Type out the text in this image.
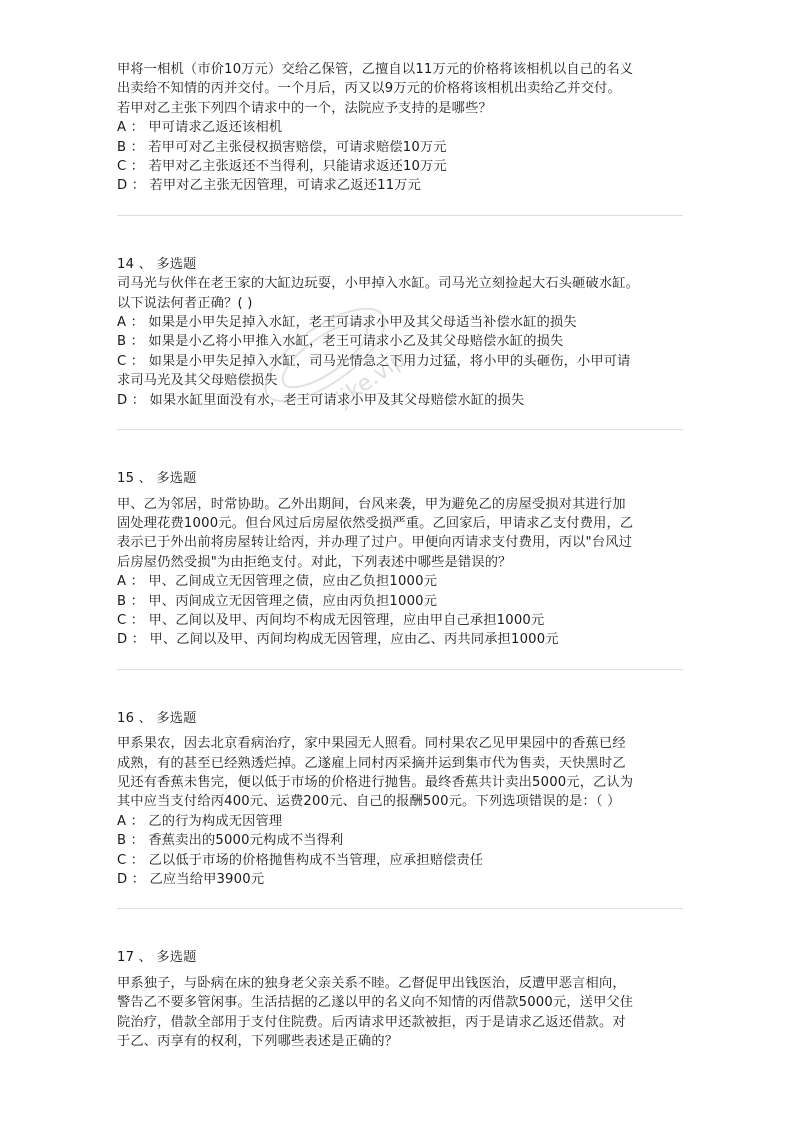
甲将一相机（市价10万元）交给乙保管，乙擅自以11万元的价格将该相机以自己的名义
出卖给不知情的丙并交付。一个月后，丙又以9万元的价格将该相机出卖给乙并交付。
若甲对乙主张下列四个请求中的一个，法院应予支持的是哪些？
A ： 甲可请求乙返还该相机
B ： 若甲可对乙主张侵权损害赔偿，可请求赔偿10万元
C ： 若甲对乙主张返还不当得利，只能请求返还10万元
D ： 若甲对乙主张无因管理，可请求乙返还11万元
14 、 多选题
司马光与伙伴在老王家的大缸边玩耍，小甲掉入水缸。司马光立刻捡起大石头砸破水缸。
以下说法何者正确？( )
A ： 如果是小甲失足掉入水缸，老王可请求小甲及其父母适当补偿水缸的损失
B ： 如果是小乙将小甲推入水缸，老王可请求小乙及其父母赔偿水缸的损失
C ： 如果是小甲失足掉入水缸，司马光情急之下用力过猛，将小甲的头砸伤，小甲可请
求司马光及其父母赔偿损失
D ： 如果水缸里面没有水，老王可请求小甲及其父母赔偿水缸的损失
15 、 多选题
甲、乙为邻居，时常协助。乙外出期间，台风来袭，甲为避免乙的房屋受损对其进行加
固处理花费1000元。但台风过后房屋依然受损严重。乙回家后，甲请求乙支付费用，乙
表示已于外出前将房屋转让给丙，并办理了过户。甲便向丙请求支付费用，丙以"台风过
后房屋仍然受损"为由拒绝支付。对此，下列表述中哪些是错误的？
A ： 甲、乙间成立无因管理之债，应由乙负担1000元
B ： 甲、丙间成立无因管理之债，应由丙负担1000元
C ： 甲、乙间以及甲、丙间均不构成无因管理，应由甲自己承担1000元
D ： 甲、乙间以及甲、丙间均构成无因管理，应由乙、丙共同承担1000元
16 、 多选题
甲系果农，因去北京看病治疗，家中果园无人照看。同村果农乙见甲果园中的香蕉已经
成熟，有的甚至已经熟透烂掉。乙遂雇上同村丙采摘并运到集市代为售卖，天快黑时乙
见还有香蕉未售完，便以低于市场的价格进行抛售。最终香蕉共计卖出5000元，乙认为
其中应当支付给丙400元、运费200元、自己的报酬500元。下列选项错误的是：（ ）
A ： 乙的行为构成无因管理
B ： 香蕉卖出的5000元构成不当得利
C ： 乙以低于市场的价格抛售构成不当管理，应承担赔偿责任
D ： 乙应当给甲3900元
17 、 多选题
甲系独子，与卧病在床的独身老父亲关系不睦。乙督促甲出钱医治，反遭甲恶言相向，
警告乙不要多管闲事。生活拮据的乙遂以甲的名义向不知情的丙借款5000元，送甲父住
院治疗，借款全部用于支付住院费。后丙请求甲还款被拒，丙于是请求乙返还借款。对
于乙、丙享有的权利，下列哪些表述是正确的？
jike.vip
